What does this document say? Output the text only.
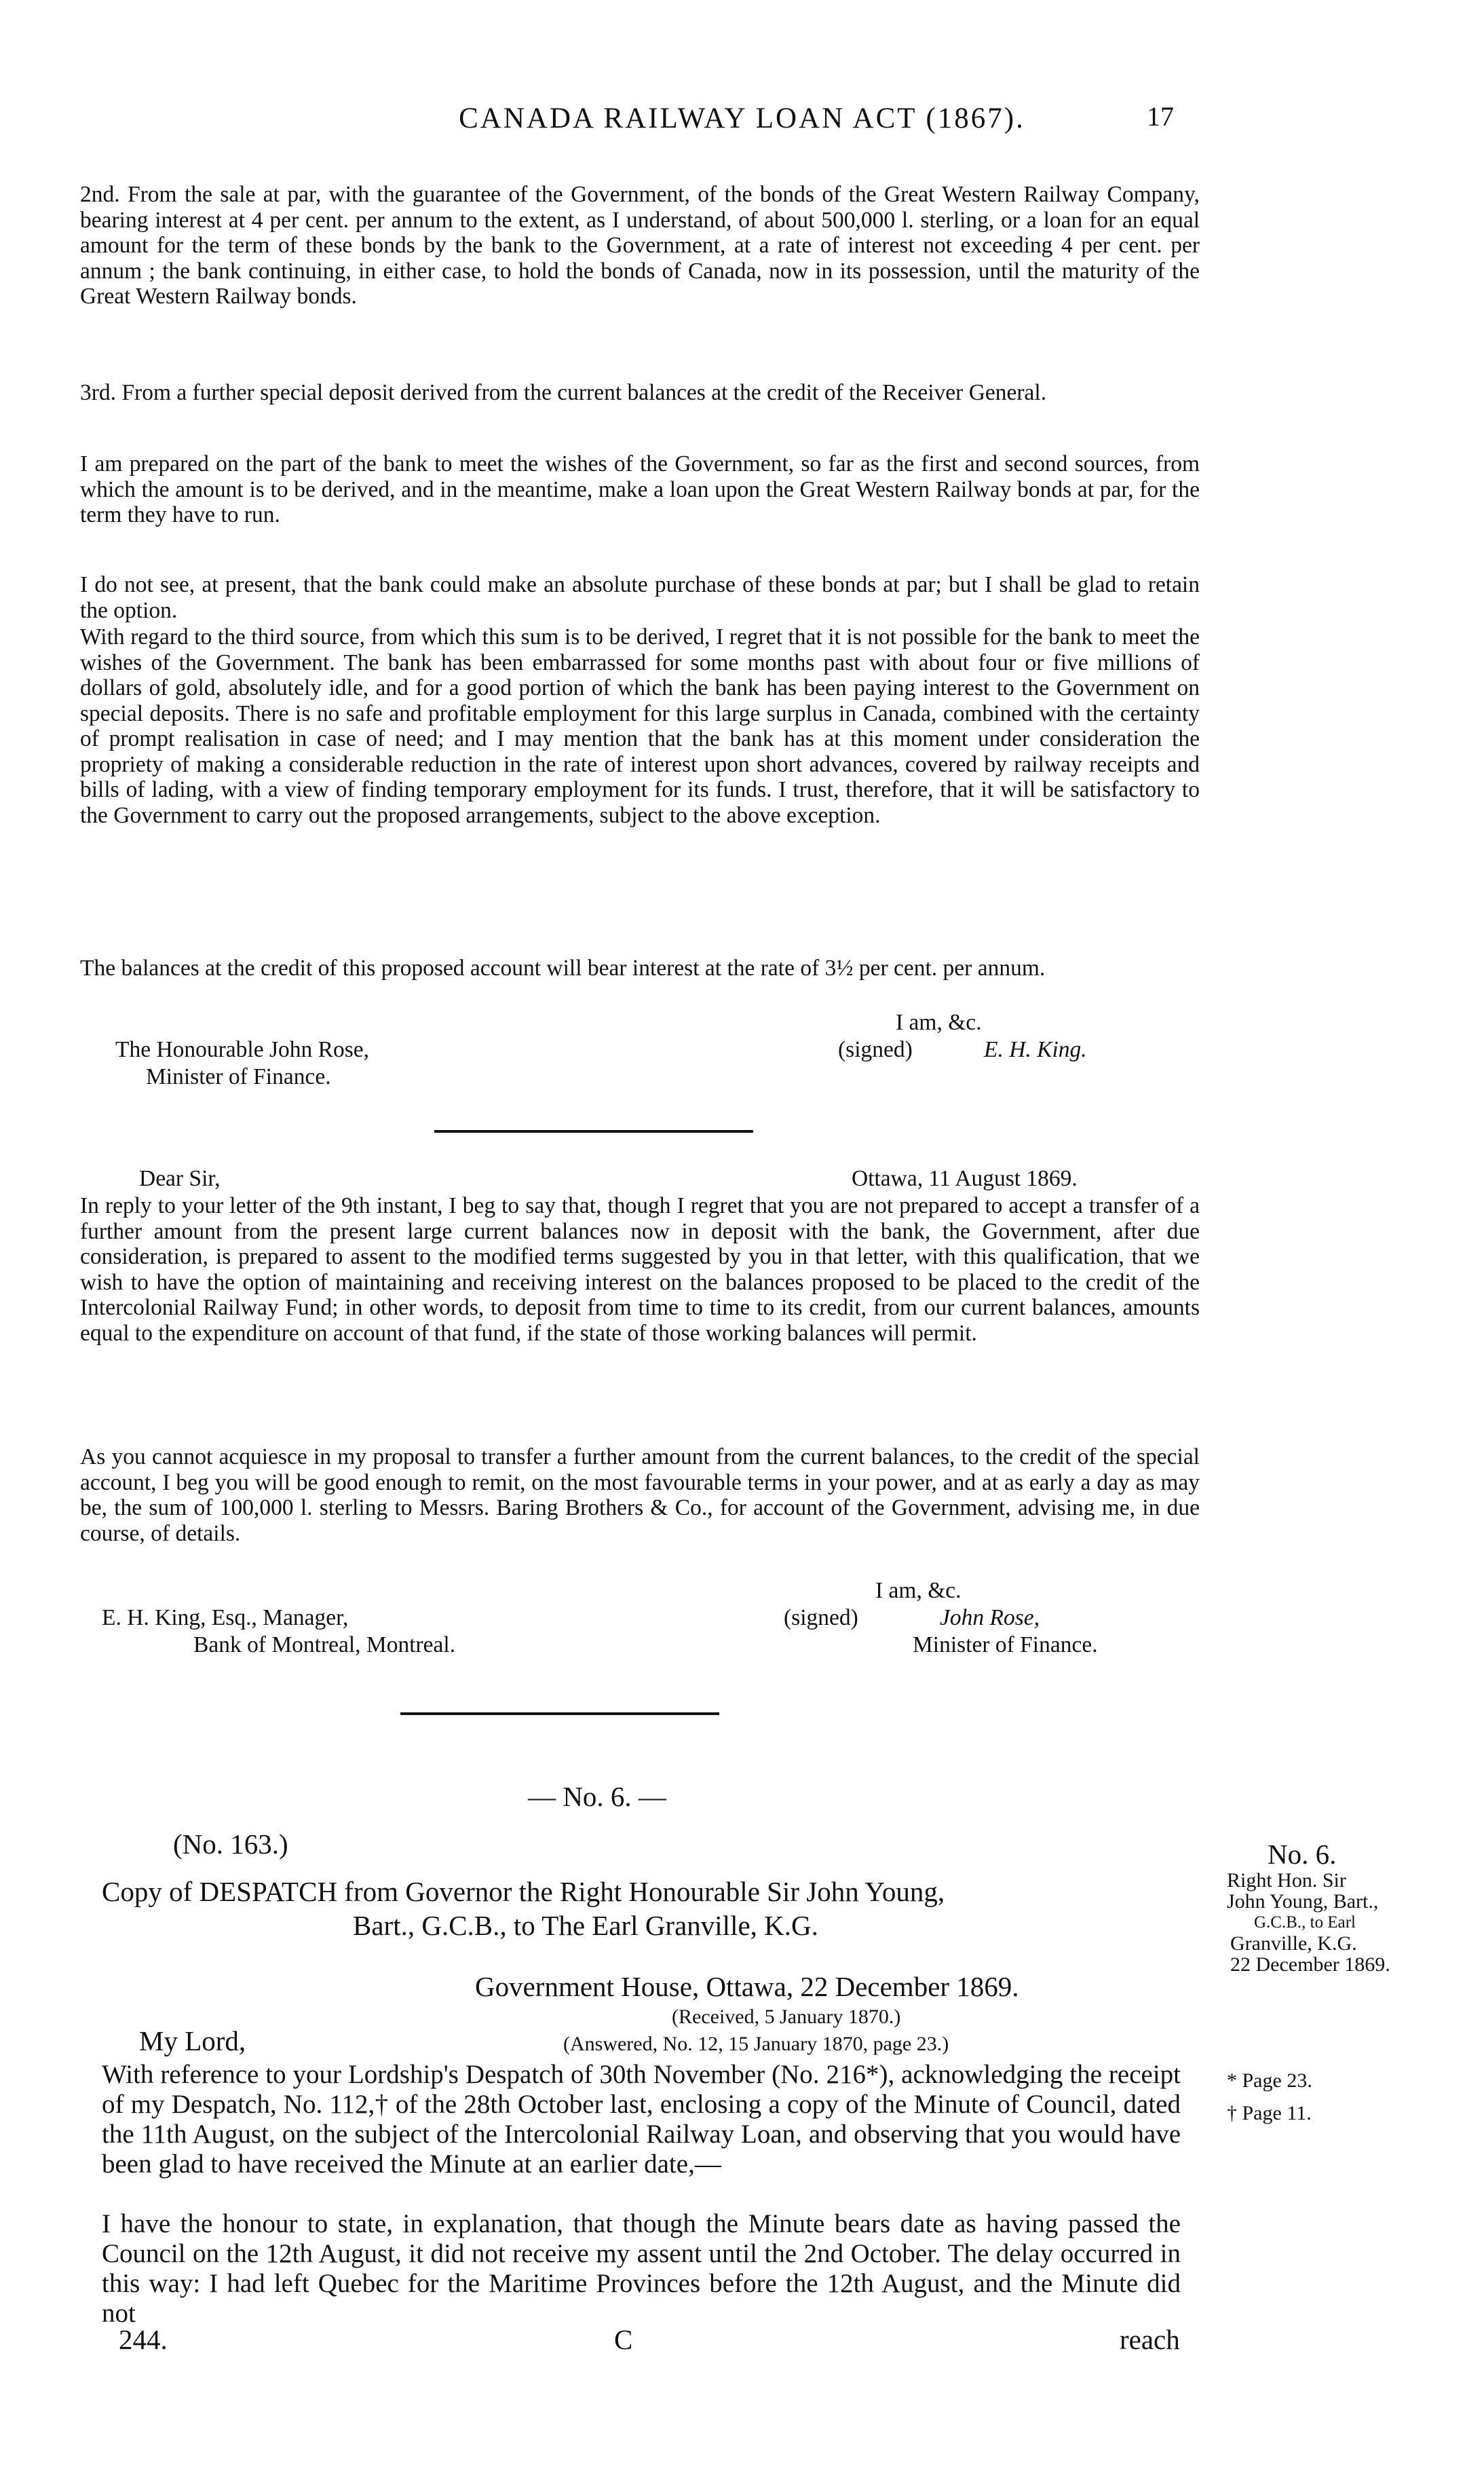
CANADA RAILWAY LOAN ACT (1867).	17
2nd. From the sale at par, with the guarantee of the Government, of the bonds of the Great Western Railway Company, bearing interest at 4 per cent. per annum to the extent, as I understand, of about 500,000 l. sterling, or a loan for an equal amount for the term of these bonds by the bank to the Government, at a rate of interest not exceeding 4 per cent. per annum ; the bank continuing, in either case, to hold the bonds of Canada, now in its possession, until the maturity of the Great Western Railway bonds.
3rd. From a further special deposit derived from the current balances at the credit of the Receiver General.
I am prepared on the part of the bank to meet the wishes of the Government, so far as the first and second sources, from which the amount is to be derived, and in the meantime, make a loan upon the Great Western Railway bonds at par, for the term they have to run.
I do not see, at present, that the bank could make an absolute purchase of these bonds at par; but I shall be glad to retain the option.
With regard to the third source, from which this sum is to be derived, I regret that it is not possible for the bank to meet the wishes of the Government. The bank has been embarrassed for some months past with about four or five millions of dollars of gold, absolutely idle, and for a good portion of which the bank has been paying interest to the Government on special deposits. There is no safe and profitable employment for this large surplus in Canada, combined with the certainty of prompt realisation in case of need; and I may mention that the bank has at this moment under consideration the propriety of making a considerable reduction in the rate of interest upon short advances, covered by railway receipts and bills of lading, with a view of finding temporary employment for its funds. I trust, therefore, that it will be satisfactory to the Government to carry out the proposed arrangements, subject to the above exception.
The balances at the credit of this proposed account will bear interest at the rate of 3½ per cent. per annum.
I am, &c.
The Honourable John Rose,	(signed)	E. H. King.
Minister of Finance.
Dear Sir,	Ottawa, 11 August 1869.
In reply to your letter of the 9th instant, I beg to say that, though I regret that you are not prepared to accept a transfer of a further amount from the present large current balances now in deposit with the bank, the Government, after due consideration, is prepared to assent to the modified terms suggested by you in that letter, with this qualification, that we wish to have the option of maintaining and receiving interest on the balances proposed to be placed to the credit of the Intercolonial Railway Fund; in other words, to deposit from time to time to its credit, from our current balances, amounts equal to the expenditure on account of that fund, if the state of those working balances will permit.
As you cannot acquiesce in my proposal to transfer a further amount from the current balances, to the credit of the special account, I beg you will be good enough to remit, on the most favourable terms in your power, and at as early a day as may be, the sum of 100,000 l. sterling to Messrs. Baring Brothers & Co., for account of the Government, advising me, in due course, of details.
I am, &c.
E. H. King, Esq., Manager,	(signed)	John Rose,
Bank of Montreal, Montreal.	Minister of Finance.
— No. 6. —
(No. 163.)
Copy of DESPATCH from Governor the Right Honourable Sir John Young,
Bart., G.C.B., to The Earl Granville, K.G.
Government House, Ottawa, 22 December 1869.
(Received, 5 January 1870.)
My Lord,	(Answered, No. 12, 15 January 1870, page 23.)
With reference to your Lordship's Despatch of 30th November (No. 216*), acknowledging the receipt of my Despatch, No. 112,† of the 28th October last, enclosing a copy of the Minute of Council, dated the 11th August, on the subject of the Intercolonial Railway Loan, and observing that you would have been glad to have received the Minute at an earlier date,—
I have the honour to state, in explanation, that though the Minute bears date as having passed the Council on the 12th August, it did not receive my assent until the 2nd October. The delay occurred in this way: I had left Quebec for the Maritime Provinces before the 12th August, and the Minute did not
No. 6.
Right Hon. Sir
John Young, Bart.,
G.C.B., to Earl
Granville, K.G.
22 December 1869.
* Page 23.
† Page 11.
244.	C	reach
